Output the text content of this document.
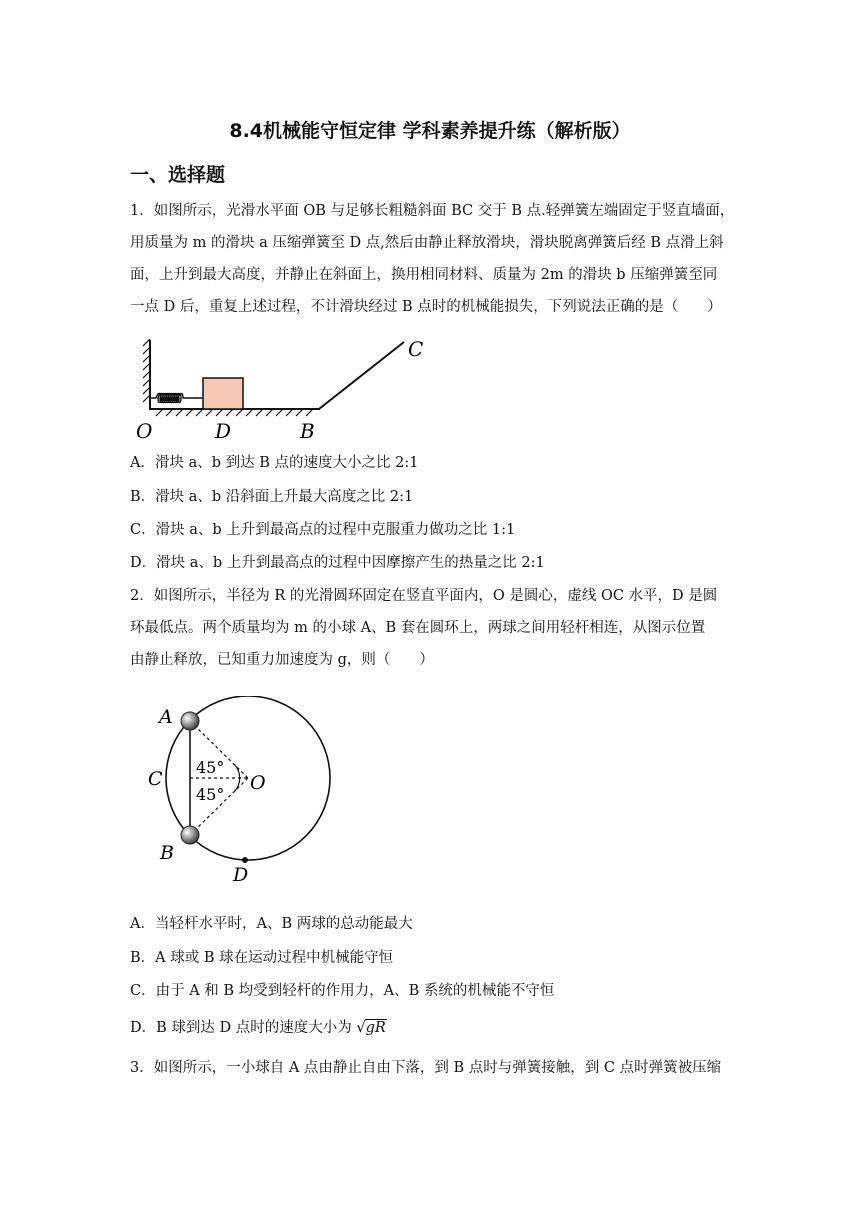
8.4机械能守恒定律 学科素养提升练（解析版）
一、选择题

1．如图所示，光滑水平面 OB 与足够长粗糙斜面 BC 交于 B 点.轻弹簧左端固定于竖直墙面，

用质量为 m 的滑块 a 压缩弹簧至 D 点,然后由静止释放滑块，滑块脱离弹簧后经 B 点滑上斜

面，上升到最大高度，并静止在斜面上，换用相同材料、质量为 2m 的滑块 b 压缩弹簧至同

一点 D 后，重复上述过程，不计滑块经过 B 点时的机械能损失，下列说法正确的是（　　）

O	D	B
C
A．滑块 a、b 到达 B 点的速度大小之比 2:1
B．滑块 a、b 沿斜面上升最大高度之比 2:1
C．滑块 a、b 上升到最高点的过程中克服重力做功之比 1:1
D．滑块 a、b 上升到最高点的过程中因摩擦产生的热量之比 2:1

2．如图所示，半径为 R 的光滑圆环固定在竖直平面内，O 是圆心，虚线 OC 水平，D 是圆

环最低点。两个质量均为 m 的小球 A、B 套在圆环上，两球之间用轻杆相连，从图示位置

由静止释放，已知重力加速度为 g，则（　　）

A
B
C	O
D
45°
45°
A．当轻杆水平时，A、B 两球的总动能最大
B．A 球或 B 球在运动过程中机械能守恒
C．由于 A 和 B 均受到轻杆的作用力，A、B 系统的机械能不守恒
D．B 球到达 D 点时的速度大小为 √gR

3．如图所示，一小球自 A 点由静止自由下落，到 B 点时与弹簧接触，到 C 点时弹簧被压缩
